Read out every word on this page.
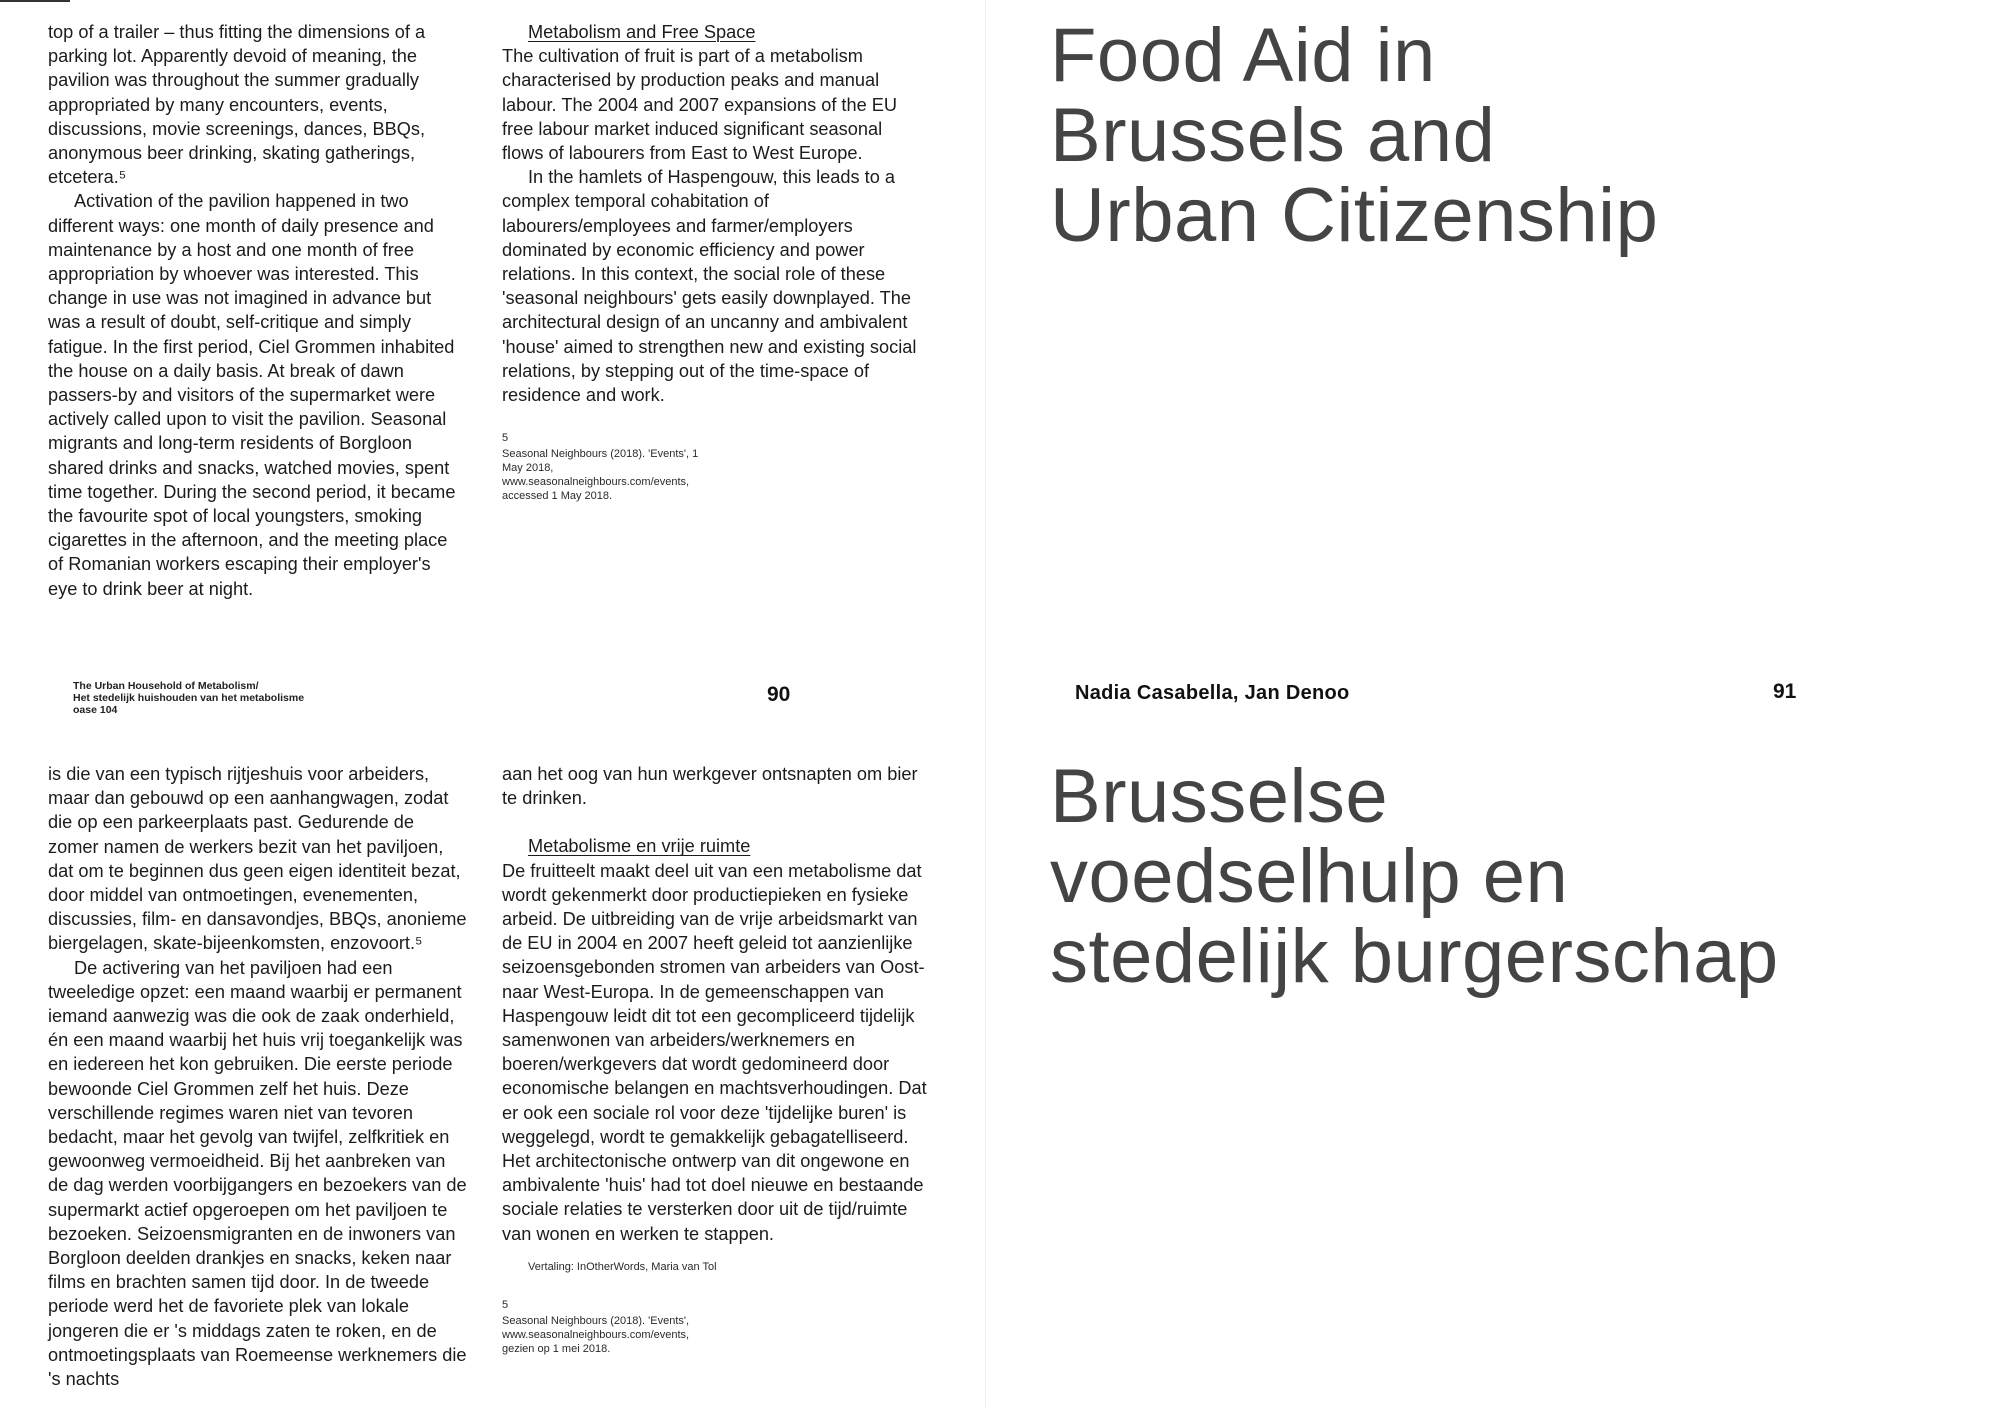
top of a trailer – thus fitting the dimensions of a parking lot. Apparently devoid of meaning, the pavilion was throughout the summer gradually appropriated by many encounters, events, discussions, movie screenings, dances, BBQs, anonymous beer drinking, skating gatherings, etcetera.⁵

Activation of the pavilion happened in two different ways: one month of daily presence and maintenance by a host and one month of free appropriation by whoever was interested. This change in use was not imagined in advance but was a result of doubt, self-critique and simply fatigue. In the first period, Ciel Grommen inhabited the house on a daily basis. At break of dawn passers-by and visitors of the supermarket were actively called upon to visit the pavilion. Seasonal migrants and long-term residents of Borgloon shared drinks and snacks, watched movies, spent time together. During the second period, it became the favourite spot of local youngsters, smoking cigarettes in the afternoon, and the meeting place of Romanian workers escaping their employer's eye to drink beer at night.

Metabolism and Free Space

The cultivation of fruit is part of a metabolism characterised by production peaks and manual labour. The 2004 and 2007 expansions of the EU free labour market induced significant seasonal flows of labourers from East to West Europe.

In the hamlets of Haspengouw, this leads to a complex temporal cohabitation of labourers/employees and farmer/employers dominated by economic efficiency and power relations. In this context, the social role of these 'seasonal neighbours' gets easily downplayed. The architectural design of an uncanny and ambivalent 'house' aimed to strengthen new and existing social relations, by stepping out of the time-space of residence and work.

5
Seasonal Neighbours (2018). 'Events', 1 May 2018, www.seasonalneighbours.com/events, accessed 1 May 2018.
The Urban Household of Metabolism/
Het stedelijk huishouden van het metabolisme
oase 104
90	Nadia Casabella, Jan Denoo	91
Food Aid in
Brussels and
Urban Citizenship
Brusselse
voedselhulp en
stedelijk burgerschap

is die van een typisch rijtjeshuis voor arbeiders, maar dan gebouwd op een aanhangwagen, zodat die op een parkeerplaats past. Gedurende de zomer namen de werkers bezit van het paviljoen, dat om te beginnen dus geen eigen identiteit bezat, door middel van ontmoetingen, evenementen, discussies, film- en dansavondjes, BBQs, anonieme biergelagen, skate-bijeenkomsten, enzovoort.⁵

De activering van het paviljoen had een tweeledige opzet: een maand waarbij er permanent iemand aanwezig was die ook de zaak onderhield, én een maand waarbij het huis vrij toegankelijk was en iedereen het kon gebruiken. Die eerste periode bewoonde Ciel Grommen zelf het huis. Deze verschillende regimes waren niet van tevoren bedacht, maar het gevolg van twijfel, zelfkritiek en gewoonweg vermoeidheid. Bij het aanbreken van de dag werden voorbijgangers en bezoekers van de supermarkt actief opgeroepen om het paviljoen te bezoeken. Seizoensmigranten en de inwoners van Borgloon deelden drankjes en snacks, keken naar films en brachten samen tijd door. In de tweede periode werd het de favoriete plek van lokale jongeren die er 's middags zaten te roken, en de ontmoetingsplaats van Roemeense werknemers die 's nachts

aan het oog van hun werkgever ontsnapten om bier te drinken.

Metabolisme en vrije ruimte

De fruitteelt maakt deel uit van een metabolisme dat wordt gekenmerkt door productiepieken en fysieke arbeid. De uitbreiding van de vrije arbeidsmarkt van de EU in 2004 en 2007 heeft geleid tot aanzienlijke seizoensgebonden stromen van arbeiders van Oost- naar West-Europa. In de gemeenschappen van Haspengouw leidt dit tot een gecompliceerd tijdelijk samenwonen van arbeiders/werknemers en boeren/werkgevers dat wordt gedomineerd door economische belangen en machtsverhoudingen. Dat er ook een sociale rol voor deze 'tijdelijke buren' is weggelegd, wordt te gemakkelijk gebagatelliseerd. Het architectonische ontwerp van dit ongewone en ambivalente 'huis' had tot doel nieuwe en bestaande sociale relaties te versterken door uit de tijd/ruimte van wonen en werken te stappen.

Vertaling: InOtherWords, Maria van Tol
5
Seasonal Neighbours (2018). 'Events', www.seasonalneighbours.com/events, gezien op 1 mei 2018.
